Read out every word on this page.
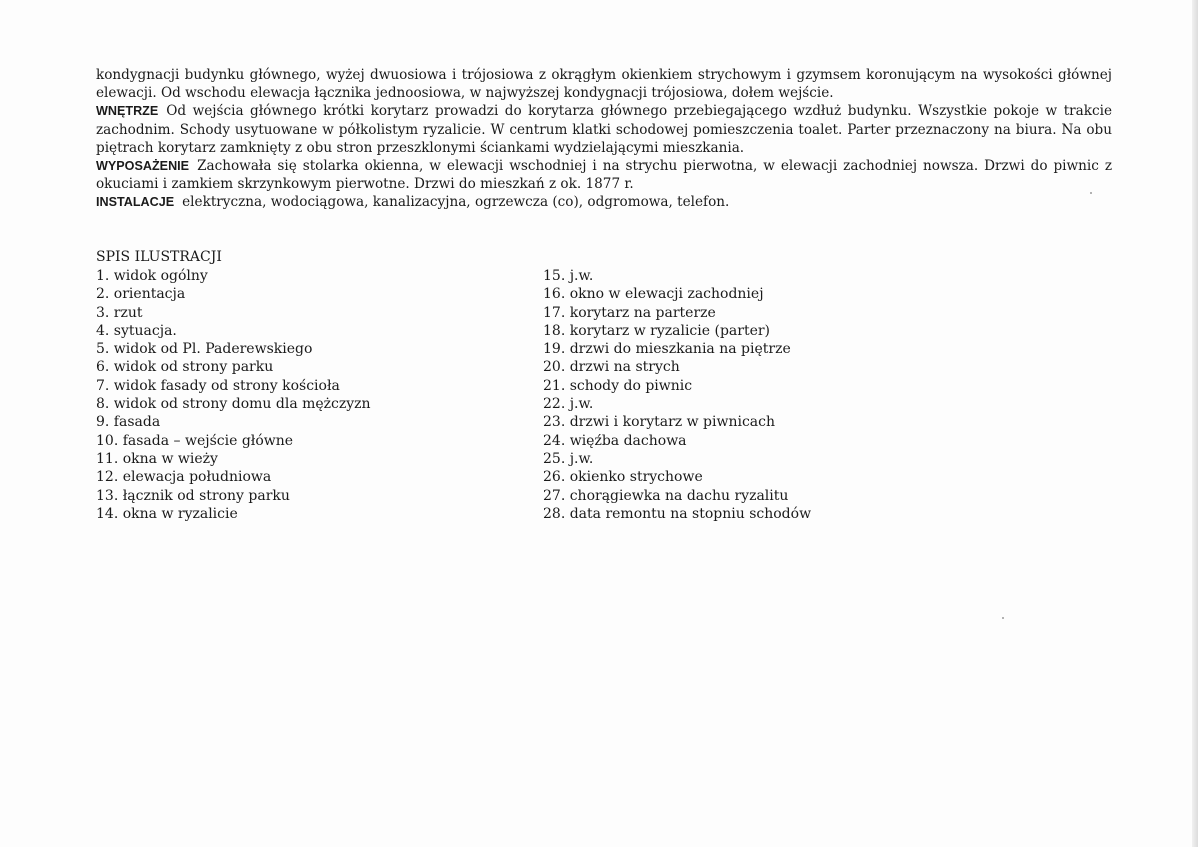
kondygnacji budynku głównego, wyżej dwuosiowa i trójosiowa z okrągłym okienkiem strychowym i gzymsem koronującym na wysokości głównej elewacji. Od wschodu elewacja łącznika jednoosiowa, w najwyższej kondygnacji trójosiowa, dołem wejście.

WNĘTRZE Od wejścia głównego krótki korytarz prowadzi do korytarza głównego przebiegającego wzdłuż budynku. Wszystkie pokoje w trakcie zachodnim. Schody usytuowane w półkolistym ryzalicie. W centrum klatki schodowej pomieszczenia toalet. Parter przeznaczony na biura. Na obu piętrach korytarz zamknięty z obu stron przeszklonymi ściankami wydzielającymi mieszkania.

WYPOSAŻENIE Zachowała się stolarka okienna, w elewacji wschodniej i na strychu pierwotna, w elewacji zachodniej nowsza. Drzwi do piwnic z okuciami i zamkiem skrzynkowym pierwotne. Drzwi do mieszkań z ok. 1877 r.

INSTALACJE elektryczna, wodociągowa, kanalizacyjna, ogrzewcza (co), odgromowa, telefon.

SPIS ILUSTRACJI
1. widok ogólny
2. orientacja
3. rzut
4. sytuacja.
5. widok od Pl. Paderewskiego
6. widok od strony parku
7. widok fasady od strony kościoła
8. widok od strony domu dla mężczyzn
9. fasada
10. fasada – wejście główne
11. okna w wieży
12. elewacja południowa
13. łącznik od strony parku
14. okna w ryzalicie
15. j.w.
16. okno w elewacji zachodniej
17. korytarz na parterze
18. korytarz w ryzalicie (parter)
19. drzwi do mieszkania na piętrze
20. drzwi na strych
21. schody do piwnic
22. j.w.
23. drzwi i korytarz w piwnicach
24. więźba dachowa
25. j.w.
26. okienko strychowe
27. chorągiewka na dachu ryzalitu
28. data remontu na stopniu schodów
